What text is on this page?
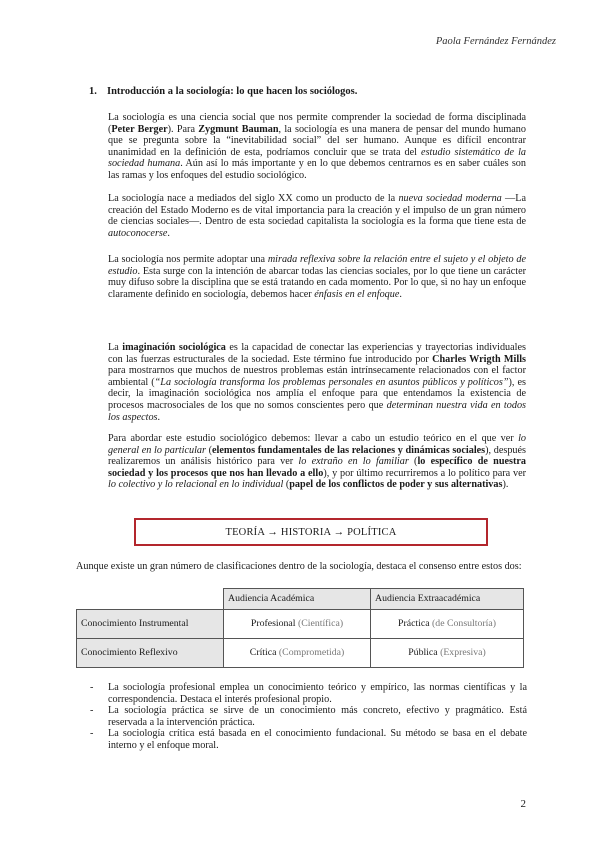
Paola Fernández Fernández
1. Introducción a la sociología: lo que hacen los sociólogos.

La sociología es una ciencia social que nos permite comprender la sociedad de forma disciplinada (Peter Berger). Para Zygmunt Bauman, la sociología es una manera de pensar del mundo humano que se pregunta sobre la “inevitabilidad social” del ser humano. Aunque es difícil encontrar unanimidad en la definición de esta, podríamos concluir que se trata del estudio sistemático de la sociedad humana. Aún así lo más importante y en lo que debemos centrarnos es en saber cuáles son las ramas y los enfoques del estudio sociológico.

La sociología nace a mediados del siglo XX como un producto de la nueva sociedad moderna —La creación del Estado Moderno es de vital importancia para la creación y el impulso de un gran número de ciencias sociales—. Dentro de esta sociedad capitalista la sociología es la forma que tiene esta de autoconocerse.

La sociología nos permite adoptar una mirada reflexiva sobre la relación entre el sujeto y el objeto de estudio. Esta surge con la intención de abarcar todas las ciencias sociales, por lo que tiene un carácter muy difuso sobre la disciplina que se está tratando en cada momento. Por lo que, si no hay un enfoque claramente definido en sociología, debemos hacer énfasis en el enfoque.

La imaginación sociológica es la capacidad de conectar las experiencias y trayectorias individuales con las fuerzas estructurales de la sociedad. Este término fue introducido por Charles Wrigth Mills para mostrarnos que muchos de nuestros problemas están intrínsecamente relacionados con el factor ambiental (“La sociología transforma los problemas personales en asuntos públicos y políticos”), es decir, la imaginación sociológica nos amplía el enfoque para que entendamos la existencia de procesos macrosociales de los que no somos conscientes pero que determinan nuestra vida en todos los aspectos.

Para abordar este estudio sociológico debemos: llevar a cabo un estudio teórico en el que ver lo general en lo particular (elementos fundamentales de las relaciones y dinámicas sociales), después realizaremos un análisis histórico para ver lo extraño en lo familiar (lo específico de nuestra sociedad y los procesos que nos han llevado a ello), y por último recurriremos a lo político para ver lo colectivo y lo relacional en lo individual (papel de los conflictos de poder y sus alternativas).

TEORÍA → HISTORIA → POLÍTICA

Aunque existe un gran número de clasificaciones dentro de la sociología, destaca el consenso entre estos dos:

	Audiencia Académica	Audiencia Extraacadémica
Conocimiento Instrumental	Profesional (Científica)	Práctica (de Consultoría)
Conocimiento Reflexivo	Crítica (Comprometida)	Pública (Expresiva)
- La sociología profesional emplea un conocimiento teórico y empírico, las normas científicas y la correspondencia. Destaca el interés profesional propio.
- La sociología práctica se sirve de un conocimiento más concreto, efectivo y pragmático. Está reservada a la intervención práctica.
- La sociología crítica está basada en el conocimiento fundacional. Su método se basa en el debate interno y el enfoque moral.
2
